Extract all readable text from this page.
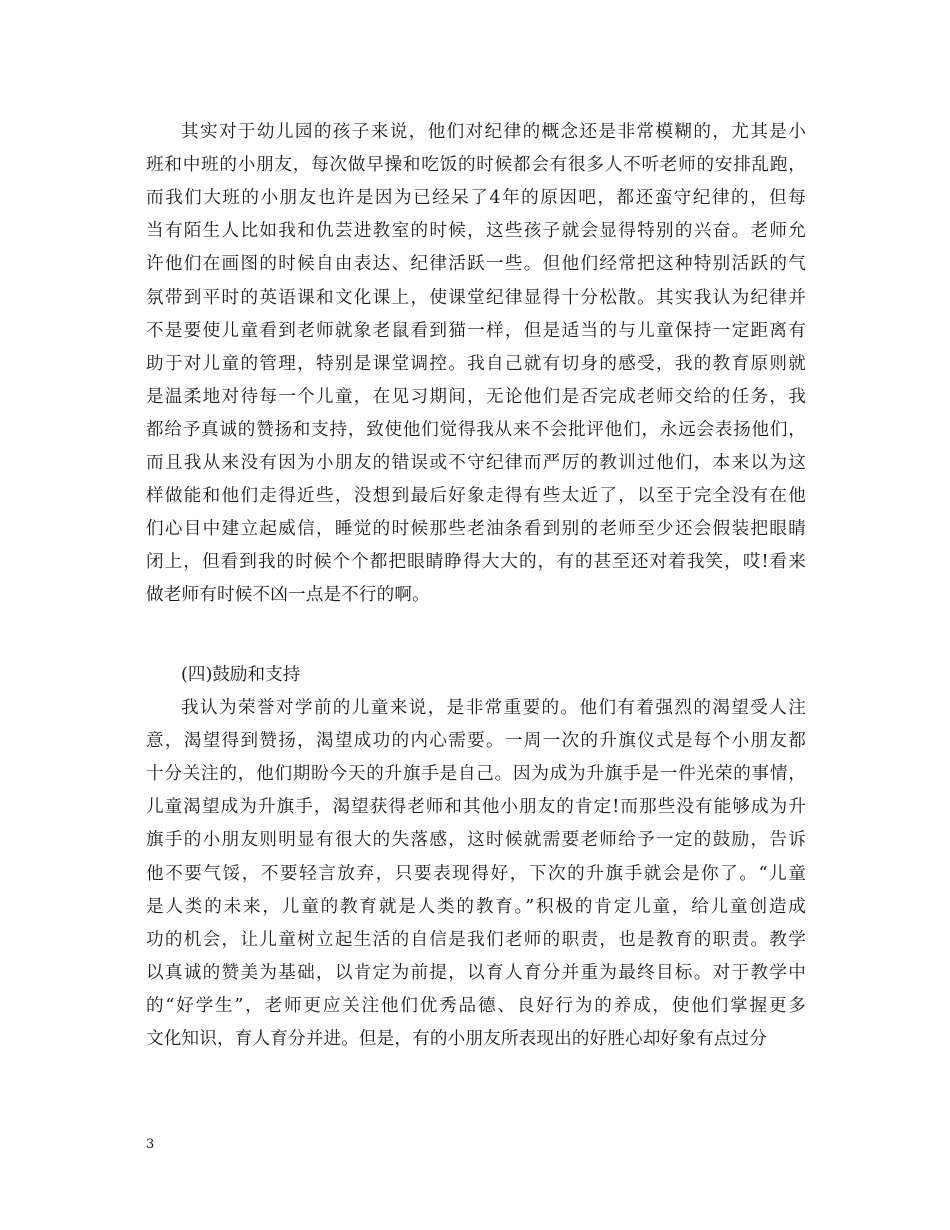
其实对于幼儿园的孩子来说，他们对纪律的概念还是非常模糊的，尤其是小
班和中班的小朋友，每次做早操和吃饭的时候都会有很多人不听老师的安排乱跑，
而我们大班的小朋友也许是因为已经呆了4年的原因吧，都还蛮守纪律的，但每
当有陌生人比如我和仇芸进教室的时候，这些孩子就会显得特别的兴奋。老师允
许他们在画图的时候自由表达、纪律活跃一些。但他们经常把这种特别活跃的气
氛带到平时的英语课和文化课上，使课堂纪律显得十分松散。其实我认为纪律并
不是要使儿童看到老师就象老鼠看到猫一样，但是适当的与儿童保持一定距离有
助于对儿童的管理，特别是课堂调控。我自己就有切身的感受，我的教育原则就
是温柔地对待每一个儿童，在见习期间，无论他们是否完成老师交给的任务，我
都给予真诚的赞扬和支持，致使他们觉得我从来不会批评他们，永远会表扬他们，
而且我从来没有因为小朋友的错误或不守纪律而严厉的教训过他们，本来以为这
样做能和他们走得近些，没想到最后好象走得有些太近了，以至于完全没有在他
们心目中建立起威信，睡觉的时候那些老油条看到别的老师至少还会假装把眼睛
闭上，但看到我的时候个个都把眼睛睁得大大的，有的甚至还对着我笑，哎!看来
做老师有时候不凶一点是不行的啊。
(四)鼓励和支持
我认为荣誉对学前的儿童来说，是非常重要的。他们有着强烈的渴望受人注
意，渴望得到赞扬，渴望成功的内心需要。一周一次的升旗仪式是每个小朋友都
十分关注的，他们期盼今天的升旗手是自己。因为成为升旗手是一件光荣的事情，
儿童渴望成为升旗手，渴望获得老师和其他小朋友的肯定!而那些没有能够成为升
旗手的小朋友则明显有很大的失落感，这时候就需要老师给予一定的鼓励，告诉
他不要气馁，不要轻言放弃，只要表现得好，下次的升旗手就会是你了。“儿童
是人类的未来，儿童的教育就是人类的教育。”积极的肯定儿童，给儿童创造成
功的机会，让儿童树立起生活的自信是我们老师的职责，也是教育的职责。教学
以真诚的赞美为基础，以肯定为前提，以育人育分并重为最终目标。对于教学中
的“好学生”，老师更应关注他们优秀品德、良好行为的养成，使他们掌握更多
文化知识，育人育分并进。但是，有的小朋友所表现出的好胜心却好象有点过分
3
